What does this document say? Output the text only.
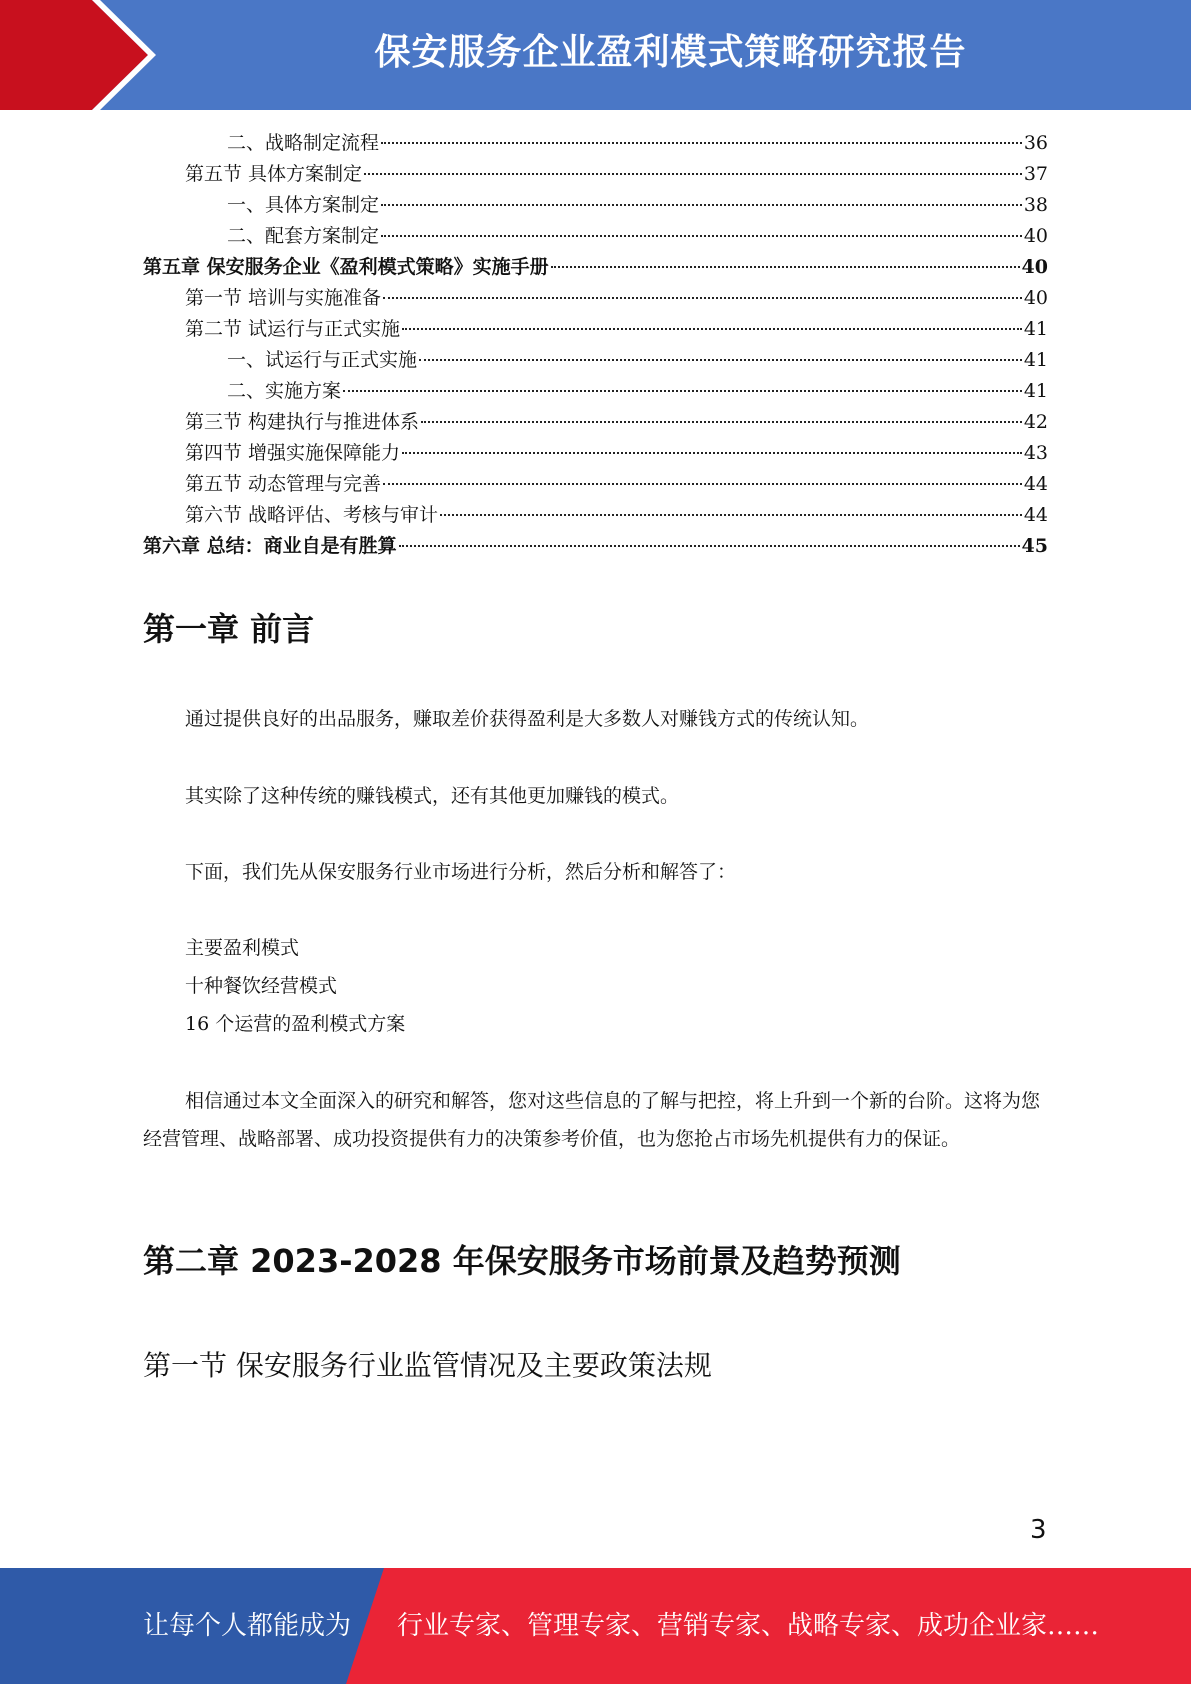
保安服务企业盈利模式策略研究报告
二、战略制定流程	36
第五节 具体方案制定	37
一、具体方案制定	38
二、配套方案制定	40
第五章 保安服务企业《盈利模式策略》实施手册	40
第一节 培训与实施准备	40
第二节 试运行与正式实施	41
一、试运行与正式实施	41
二、实施方案	41
第三节 构建执行与推进体系	42
第四节 增强实施保障能力	43
第五节 动态管理与完善	44
第六节 战略评估、考核与审计	44
第六章 总结：商业自是有胜算	45
第一章 前言
通过提供良好的出品服务，赚取差价获得盈利是大多数人对赚钱方式的传统认知。
其实除了这种传统的赚钱模式，还有其他更加赚钱的模式。
下面，我们先从保安服务行业市场进行分析，然后分析和解答了：
主要盈利模式
十种餐饮经营模式
16 个运营的盈利模式方案
相信通过本文全面深入的研究和解答，您对这些信息的了解与把控，将上升到一个新的台阶。这将为您经营管理、战略部署、成功投资提供有力的决策参考价值，也为您抢占市场先机提供有力的保证。
第二章 2023-2028 年保安服务市场前景及趋势预测
第一节 保安服务行业监管情况及主要政策法规
3
让每个人都能成为 行业专家、管理专家、营销专家、战略专家、成功企业家……
